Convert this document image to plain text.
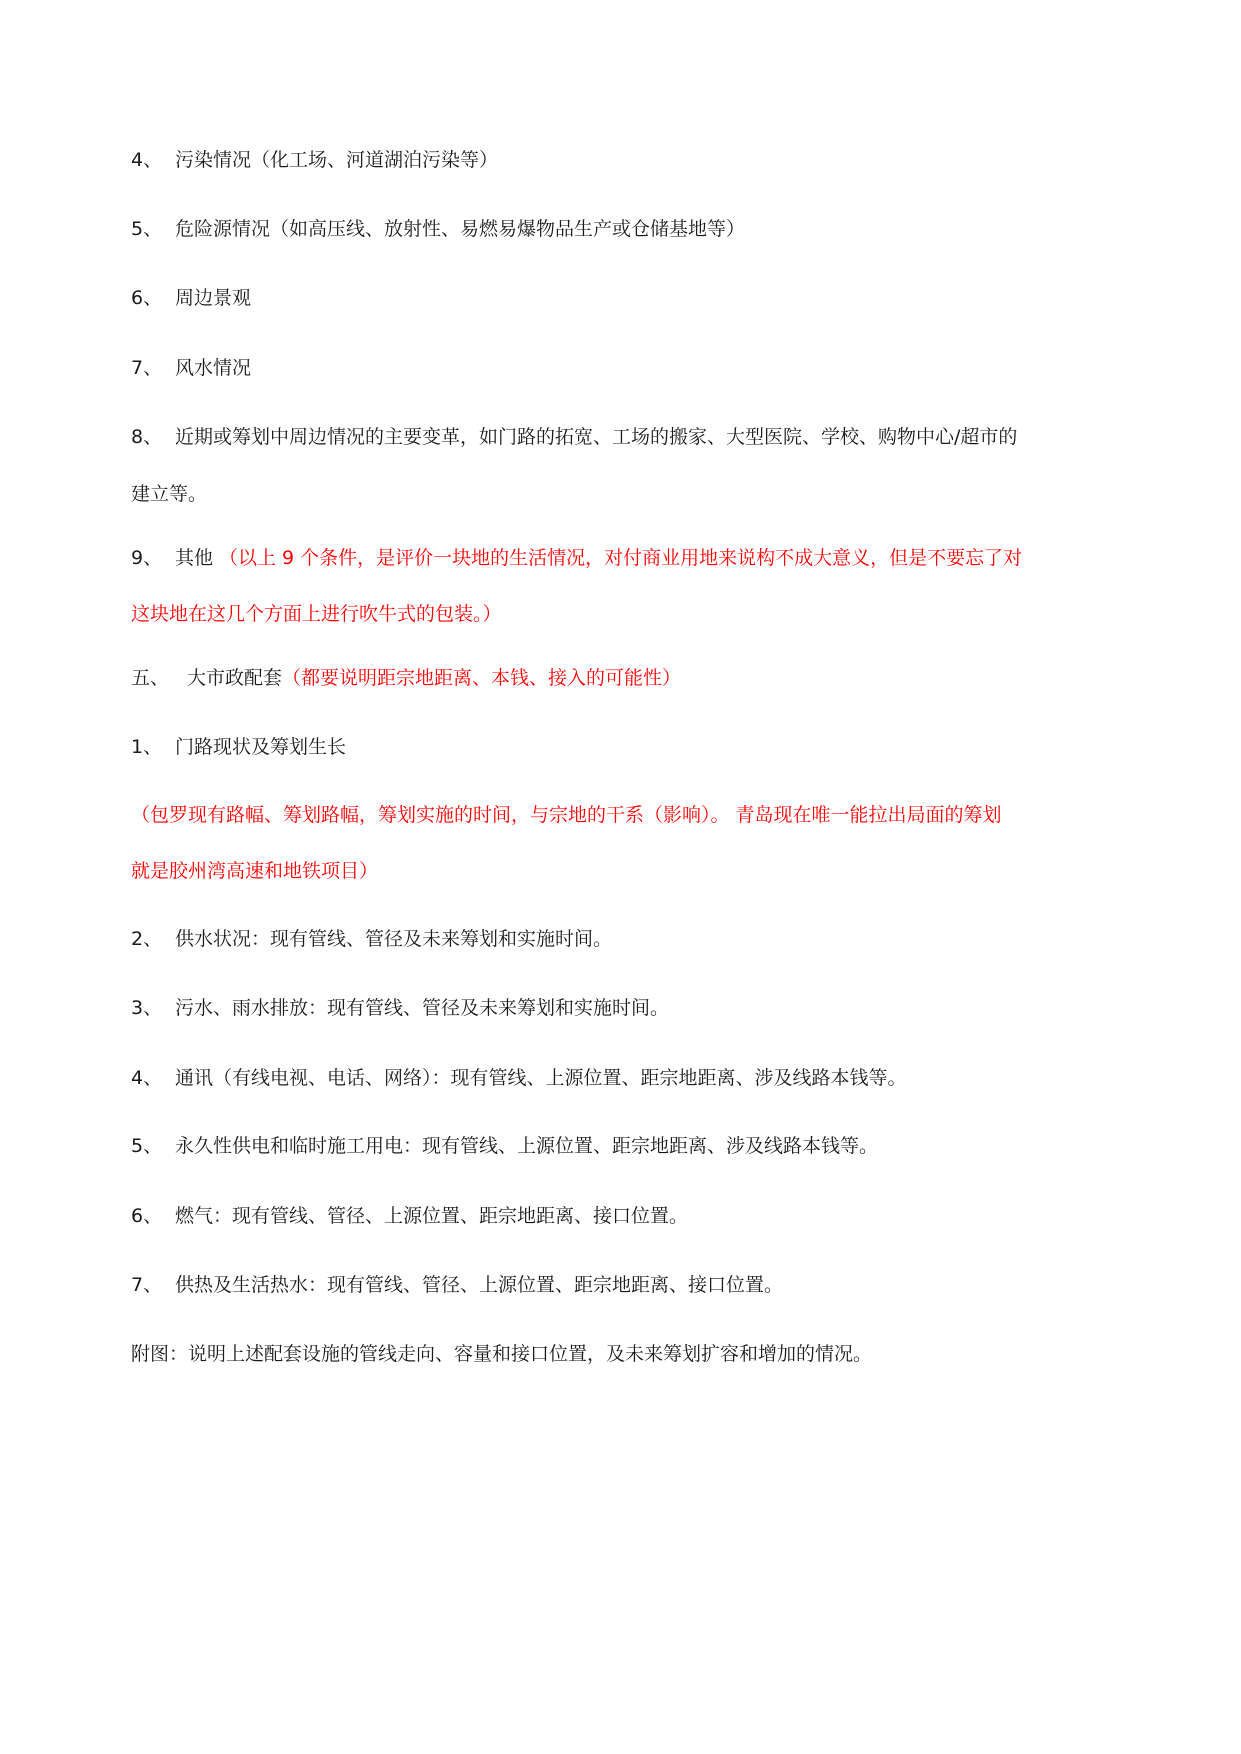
4、 污染情况（化工场、河道湖泊污染等）
5、 危险源情况（如高压线、放射性、易燃易爆物品生产或仓储基地等）
6、 周边景观
7、 风水情况
8、 近期或筹划中周边情况的主要变革，如门路的拓宽、工场的搬家、大型医院、学校、购物中心/超市的
建立等。
9、 其他 （以上 9 个条件，是评价一块地的生活情况，对付商业用地来说构不成大意义，但是不要忘了对
这块地在这几个方面上进行吹牛式的包装。）
五、 大市政配套（都要说明距宗地距离、本钱、接入的可能性）
1、 门路现状及筹划生长
（包罗现有路幅、筹划路幅，筹划实施的时间，与宗地的干系（影响）。 青岛现在唯一能拉出局面的筹划
就是胶州湾高速和地铁项目）
2、 供水状况：现有管线、管径及未来筹划和实施时间。
3、 污水、雨水排放：现有管线、管径及未来筹划和实施时间。
4、 通讯（有线电视、电话、网络）：现有管线、上源位置、距宗地距离、涉及线路本钱等。
5、 永久性供电和临时施工用电：现有管线、上源位置、距宗地距离、涉及线路本钱等。
6、 燃气：现有管线、管径、上源位置、距宗地距离、接口位置。
7、 供热及生活热水：现有管线、管径、上源位置、距宗地距离、接口位置。
附图：说明上述配套设施的管线走向、容量和接口位置，及未来筹划扩容和增加的情况。
